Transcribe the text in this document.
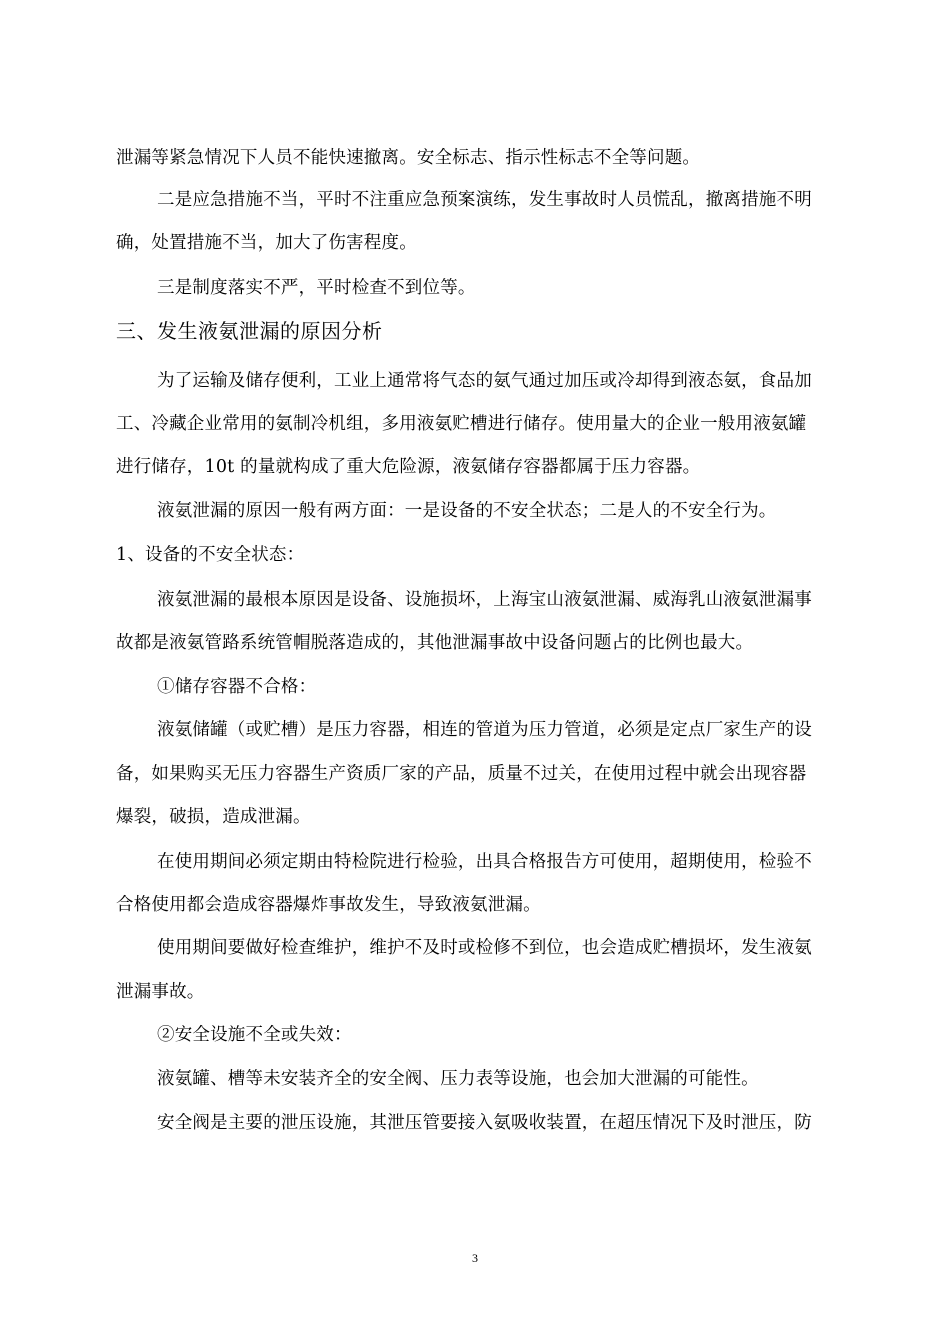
泄漏等紧急情况下人员不能快速撤离。安全标志、指示性标志不全等问题。

二是应急措施不当，平时不注重应急预案演练，发生事故时人员慌乱，撤离措施不明

确，处置措施不当，加大了伤害程度。

三是制度落实不严，平时检查不到位等。

三、发生液氨泄漏的原因分析

为了运输及储存便利，工业上通常将气态的氨气通过加压或冷却得到液态氨，食品加

工、冷藏企业常用的氨制冷机组，多用液氨贮槽进行储存。使用量大的企业一般用液氨罐

进行储存，10t 的量就构成了重大危险源，液氨储存容器都属于压力容器。

液氨泄漏的原因一般有两方面：一是设备的不安全状态；二是人的不安全行为。

1、设备的不安全状态：

液氨泄漏的最根本原因是设备、设施损坏，上海宝山液氨泄漏、威海乳山液氨泄漏事

故都是液氨管路系统管帽脱落造成的，其他泄漏事故中设备问题占的比例也最大。

①储存容器不合格：

液氨储罐（或贮槽）是压力容器，相连的管道为压力管道，必须是定点厂家生产的设

备，如果购买无压力容器生产资质厂家的产品，质量不过关，在使用过程中就会出现容器

爆裂，破损，造成泄漏。

在使用期间必须定期由特检院进行检验，出具合格报告方可使用，超期使用，检验不

合格使用都会造成容器爆炸事故发生，导致液氨泄漏。

使用期间要做好检查维护，维护不及时或检修不到位，也会造成贮槽损坏，发生液氨

泄漏事故。

②安全设施不全或失效：

液氨罐、槽等未安装齐全的安全阀、压力表等设施，也会加大泄漏的可能性。

安全阀是主要的泄压设施，其泄压管要接入氨吸收装置，在超压情况下及时泄压，防

3
